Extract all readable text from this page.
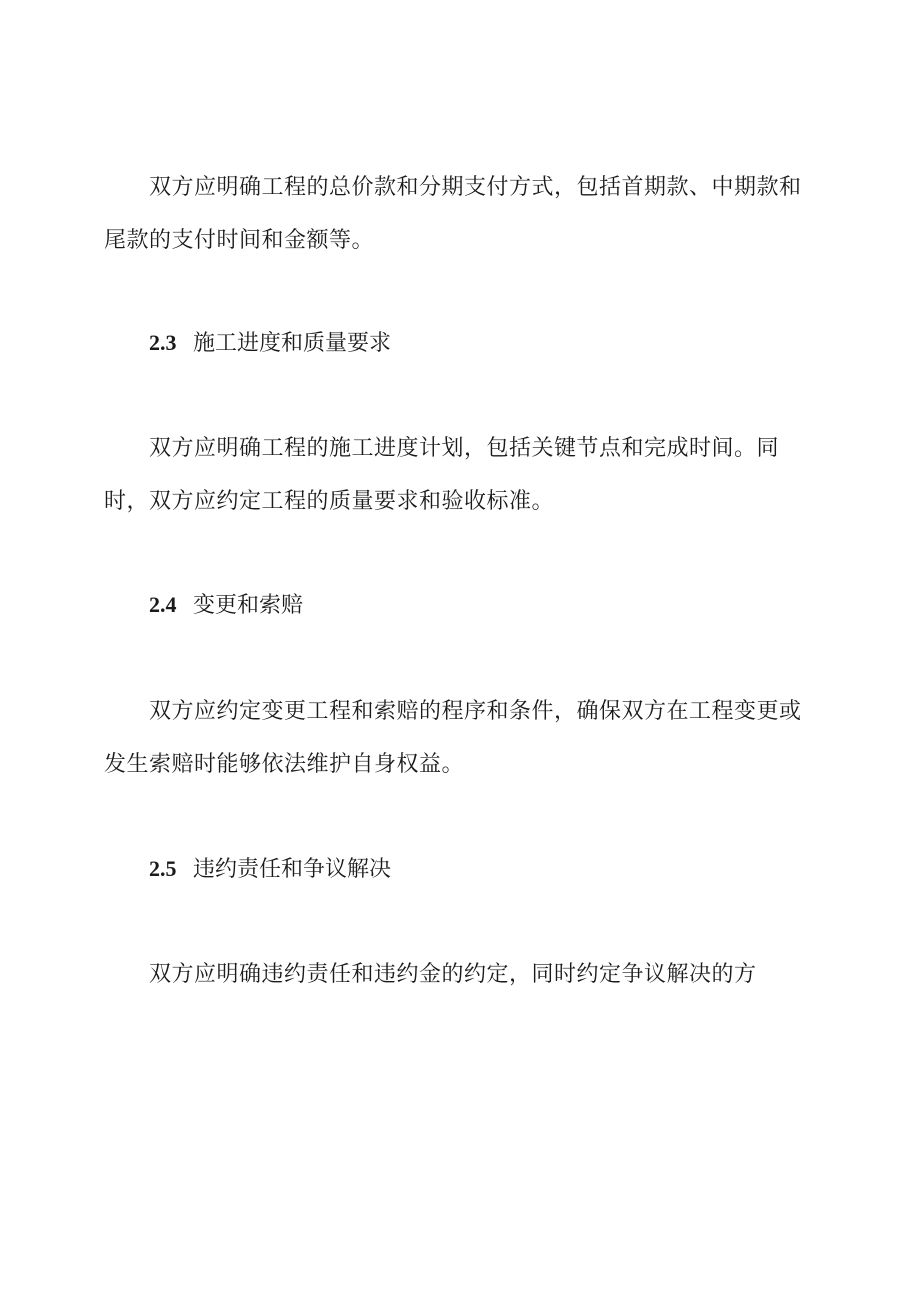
双方应明确工程的总价款和分期支付方式，包括首期款、中期款和尾款的支付时间和金额等。

2.3 施工进度和质量要求

双方应明确工程的施工进度计划，包括关键节点和完成时间。同时，双方应约定工程的质量要求和验收标准。

2.4 变更和索赔

双方应约定变更工程和索赔的程序和条件，确保双方在工程变更或发生索赔时能够依法维护自身权益。

2.5 违约责任和争议解决

双方应明确违约责任和违约金的约定，同时约定争议解决的方
